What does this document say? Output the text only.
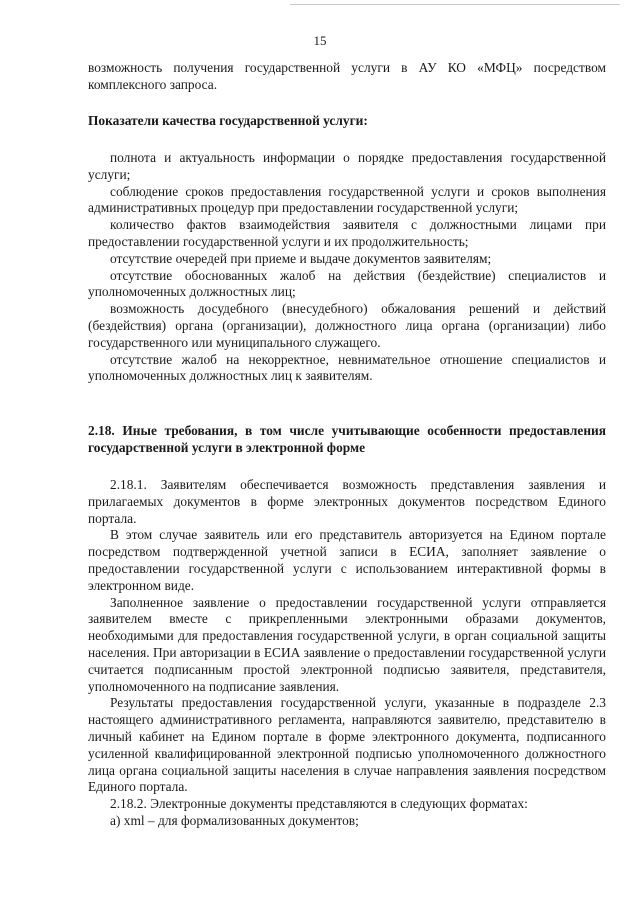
15
возможность получения государственной услуги в АУ КО «МФЦ» посредством комплексного запроса.
Показатели качества государственной услуги:

полнота и актуальность информации о порядке предоставления государственной услуги;

соблюдение сроков предоставления государственной услуги и сроков выполнения административных процедур при предоставлении государственной услуги;

количество фактов взаимодействия заявителя с должностными лицами при предоставлении государственной услуги и их продолжительность;

отсутствие очередей при приеме и выдаче документов заявителям;

отсутствие обоснованных жалоб на действия (бездействие) специалистов и уполномоченных должностных лиц;

возможность досудебного (внесудебного) обжалования решений и действий (бездействия) органа (организации), должностного лица органа (организации) либо государственного или муниципального служащего.

отсутствие жалоб на некорректное, невнимательное отношение специалистов и уполномоченных должностных лиц к заявителям.

2.18. Иные требования, в том числе учитывающие особенности предоставления государственной услуги в электронной форме

2.18.1. Заявителям обеспечивается возможность представления заявления и прилагаемых документов в форме электронных документов посредством Единого портала.

В этом случае заявитель или его представитель авторизуется на Едином портале посредством подтвержденной учетной записи в ЕСИА, заполняет заявление о предоставлении государственной услуги с использованием интерактивной формы в электронном виде.

Заполненное заявление о предоставлении государственной услуги отправляется заявителем вместе с прикрепленными электронными образами документов, необходимыми для предоставления государственной услуги, в орган социальной защиты населения. При авторизации в ЕСИА заявление о предоставлении государственной услуги считается подписанным простой электронной подписью заявителя, представителя, уполномоченного на подписание заявления.

Результаты предоставления государственной услуги, указанные в подразделе 2.3 настоящего административного регламента, направляются заявителю, представителю в личный кабинет на Едином портале в форме электронного документа, подписанного усиленной квалифицированной электронной подписью уполномоченного должностного лица органа социальной защиты населения в случае направления заявления посредством Единого портала.

2.18.2. Электронные документы представляются в следующих форматах:

а) xml – для формализованных документов;
